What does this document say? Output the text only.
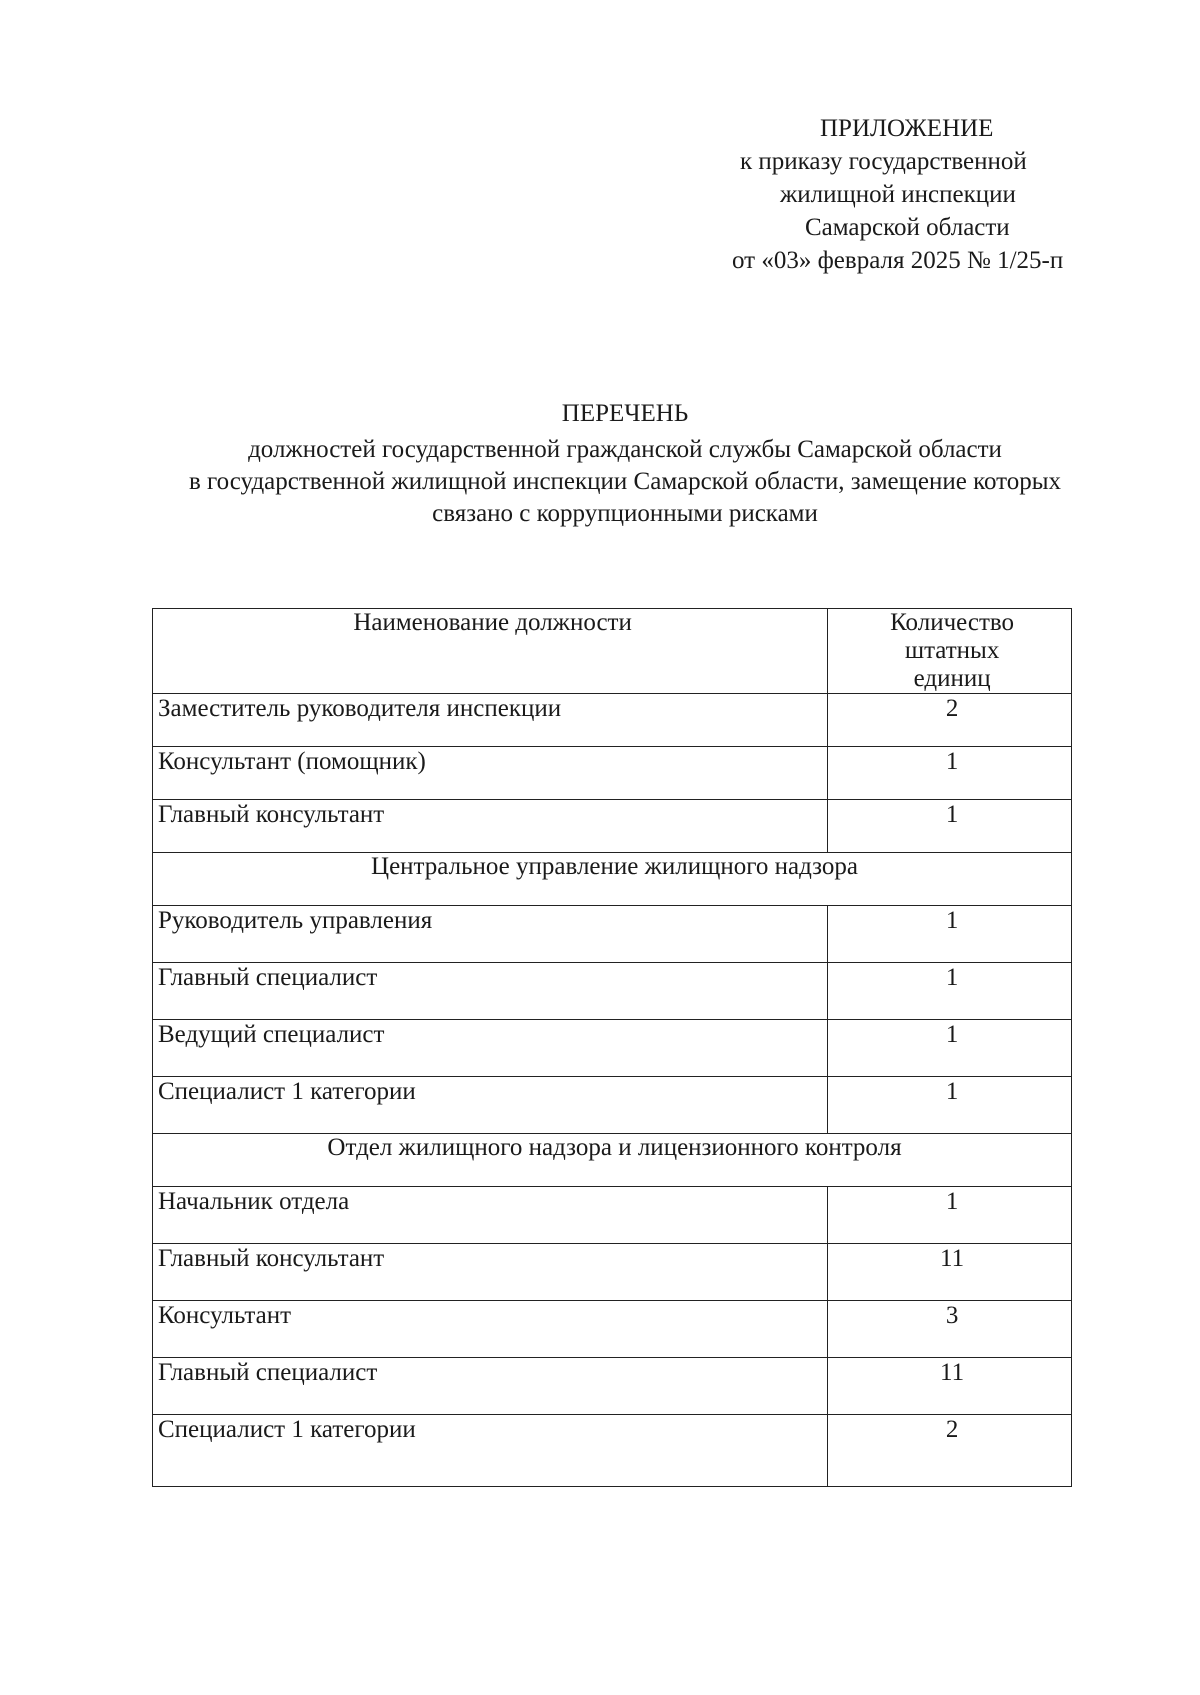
ПРИЛОЖЕНИЕ
к приказу государственной
жилищной инспекции
Самарской области
от «03» февраля 2025 № 1/25-п
ПЕРЕЧЕНЬ
должностей государственной гражданской службы Самарской области
в государственной жилищной инспекции Самарской области, замещение которых
связано с коррупционными рисками
Наименование должности	Количество
штатных
единиц

Заместитель руководителя инспекции	2
Консультант (помощник)	1
Главный консультант	1
Центральное управление жилищного надзора	
Руководитель управления	1
Главный специалист	1
Ведущий специалист	1
Специалист 1 категории	1
Отдел жилищного надзора и лицензионного контроля	
Начальник отдела	1
Главный консультант	11
Консультант	3
Главный специалист	11
Специалист 1 категории	2
